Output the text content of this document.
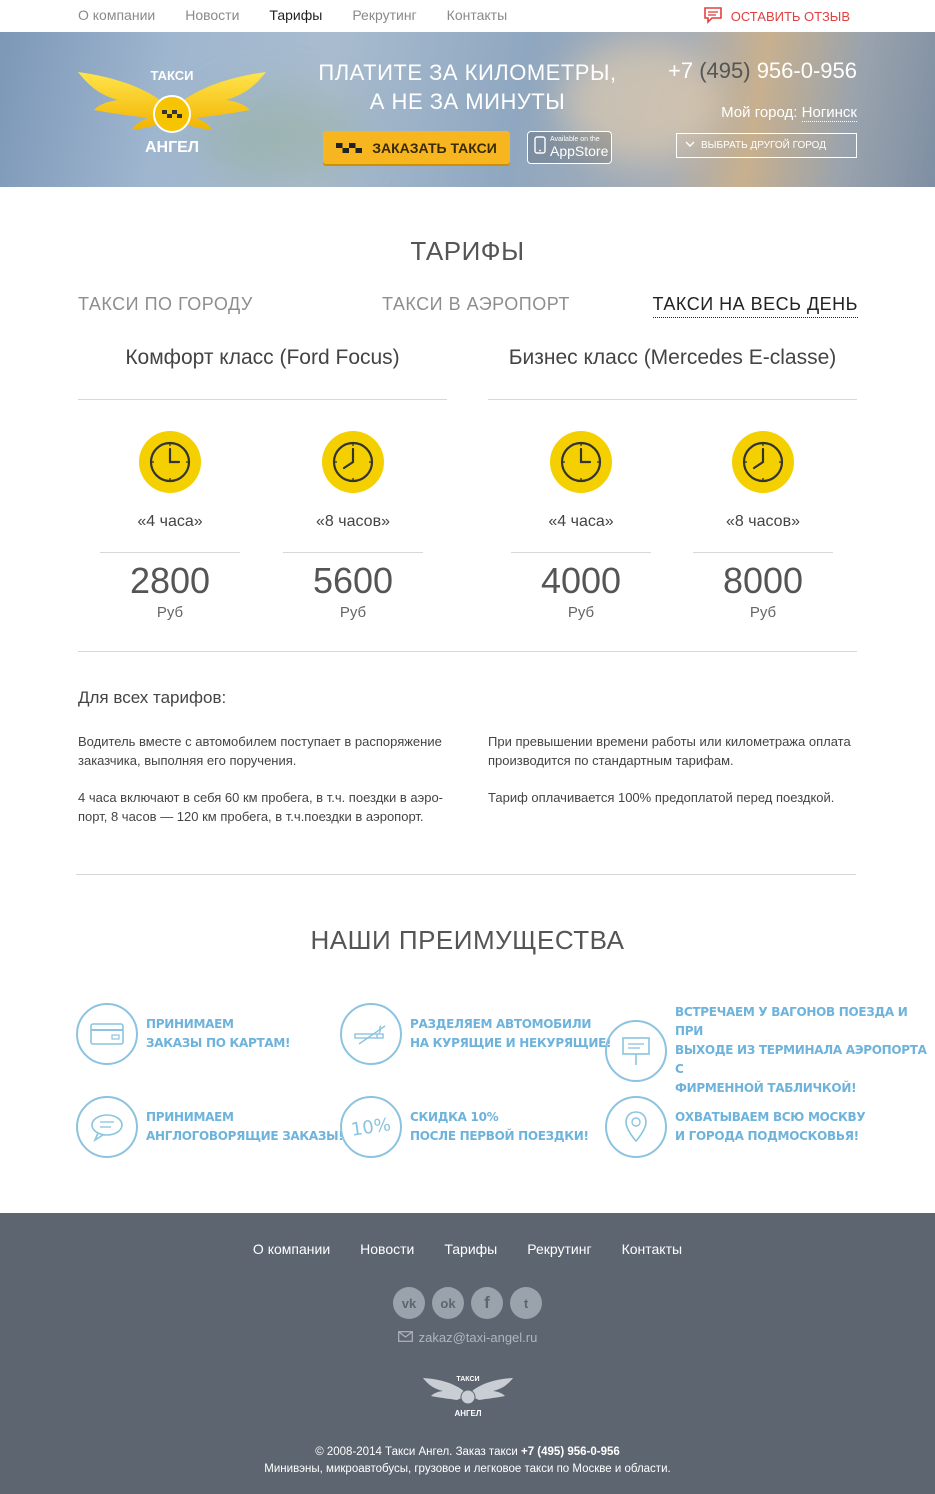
О компании Новости Тарифы Рекрутинг Контакты	ОСТАВИТЬ ОТЗЫВ
ТАКСИ
АНГЕЛ
ПЛАТИТЕ ЗА КИЛОМЕТРЫ,
А НЕ ЗА МИНУТЫ
ЗАКАЗАТЬ ТАКСИ	Available on the
AppStore
+7 (495) 956-0-956
Мой город: Ногинск
ВЫБРАТЬ ДРУГОЙ ГОРОД
ТАРИФЫ
ТАКСИ ПО ГОРОДУ	ТАКСИ В АЭРОПОРТ	ТАКСИ НА ВЕСЬ ДЕНЬ
Комфорт класс (Ford Focus)	Бизнес класс (Mercedes E-classe)
«4 часа»
2800
Руб
«8 часов»
5600
Руб
«4 часа»
4000
Руб
«8 часов»
8000
Руб
Для всех тарифов:
Водитель вместе с автомобилем поступает в распоряжение заказчика, выполняя его поручения.
4 часа включают в себя 60 км пробега, в т.ч. поездки в аэро-порт, 8 часов — 120 км пробега, в т.ч.поездки в аэропорт.
При превышении времени работы или километража оплата производится по стандартным тарифам.
Тариф оплачивается 100% предоплатой перед поездкой.
НАШИ ПРЕИМУЩЕСТВА
ПРИНИМАЕМ
ЗАКАЗЫ ПО КАРТАМ!
РАЗДЕЛЯЕМ АВТОМОБИЛИ
НА КУРЯЩИЕ И НЕКУРЯЩИЕ!
ВСТРЕЧАЕМ У ВАГОНОВ ПОЕЗДА И ПРИ
ВЫХОДЕ ИЗ ТЕРМИНАЛА АЭРОПОРТА С
ФИРМЕННОЙ ТАБЛИЧКОЙ!
ПРИНИМАЕМ
АНГЛОГОВОРЯЩИЕ ЗАКАЗЫ! 10% СКИДКА 10%
ПОСЛЕ ПЕРВОЙ ПОЕЗДКИ!
ОХВАТЫВАЕМ ВСЮ МОСКВУ
И ГОРОДА ПОДМОСКОВЬЯ!
О компании Новости Тарифы Рекрутинг Контакты
vk ok f	t
zakaz@taxi-angel.ru
ТАКСИ
АНГЕЛ
© 2008-2014 Такси Ангел. Заказ такси +7 (495) 956-0-956
Минивэны, микроавтобусы, грузовое и легковое такси по Москве и области.
